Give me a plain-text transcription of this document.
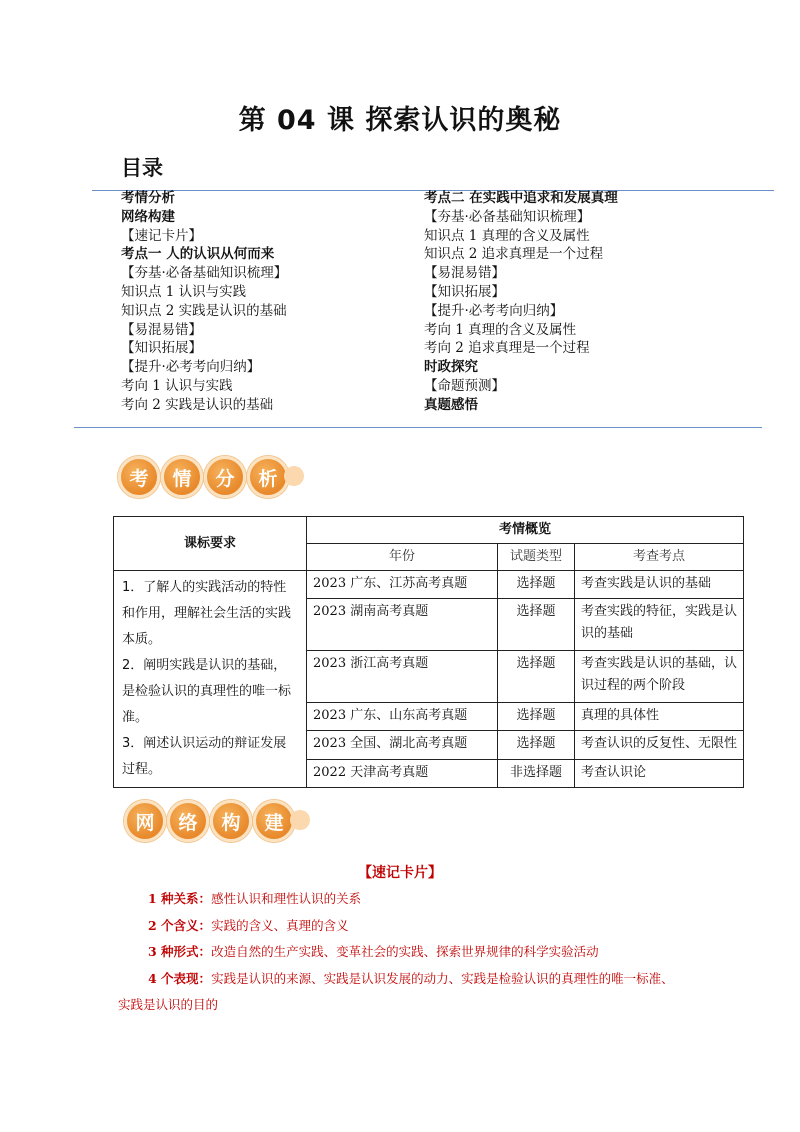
第 04 课 探索认识的奥秘
目录
考情分析
网络构建
【速记卡片】
考点一 人的认识从何而来
【夯基·必备基础知识梳理】
知识点 1 认识与实践
知识点 2 实践是认识的基础
【易混易错】
【知识拓展】
【提升·必考考向归纳】
考向 1 认识与实践
考向 2 实践是认识的基础
考点二 在实践中追求和发展真理
【夯基·必备基础知识梳理】
知识点 1 真理的含义及属性
知识点 2 追求真理是一个过程
【易混易错】
【知识拓展】
【提升·必考考向归纳】
考向 1 真理的含义及属性
考向 2 追求真理是一个过程
时政探究
【命题预测】
真题感悟
考	情	分	析
课标要求	考情概览		
	年份	试题类型	考查考点

1．了解人的实践活动的特性和作用，理解社会生活的实践本质。
2．阐明实践是认识的基础，是检验认识的真理性的唯一标准。
3．阐述认识运动的辩证发展过程。	2023 广东、江苏高考真题	选择题	考查实践是认识的基础
	2023 湖南高考真题	选择题	考查实践的特征，实践是认识的基础
	2023 浙江高考真题	选择题	考查实践是认识的基础，认识过程的两个阶段
	2023 广东、山东高考真题	选择题	真理的具体性
	2023 全国、湖北高考真题	选择题	考查认识的反复性、无限性
	2022 天津高考真题	非选择题	考查认识论
网	络	构	建
【速记卡片】
1 种关系：感性认识和理性认识的关系
2 个含义：实践的含义、真理的含义
3 种形式：改造自然的生产实践、变革社会的实践、探索世界规律的科学实验活动
4 个表现：实践是认识的来源、实践是认识发展的动力、实践是检验认识的真理性的唯一标准、实践是认识的目的
